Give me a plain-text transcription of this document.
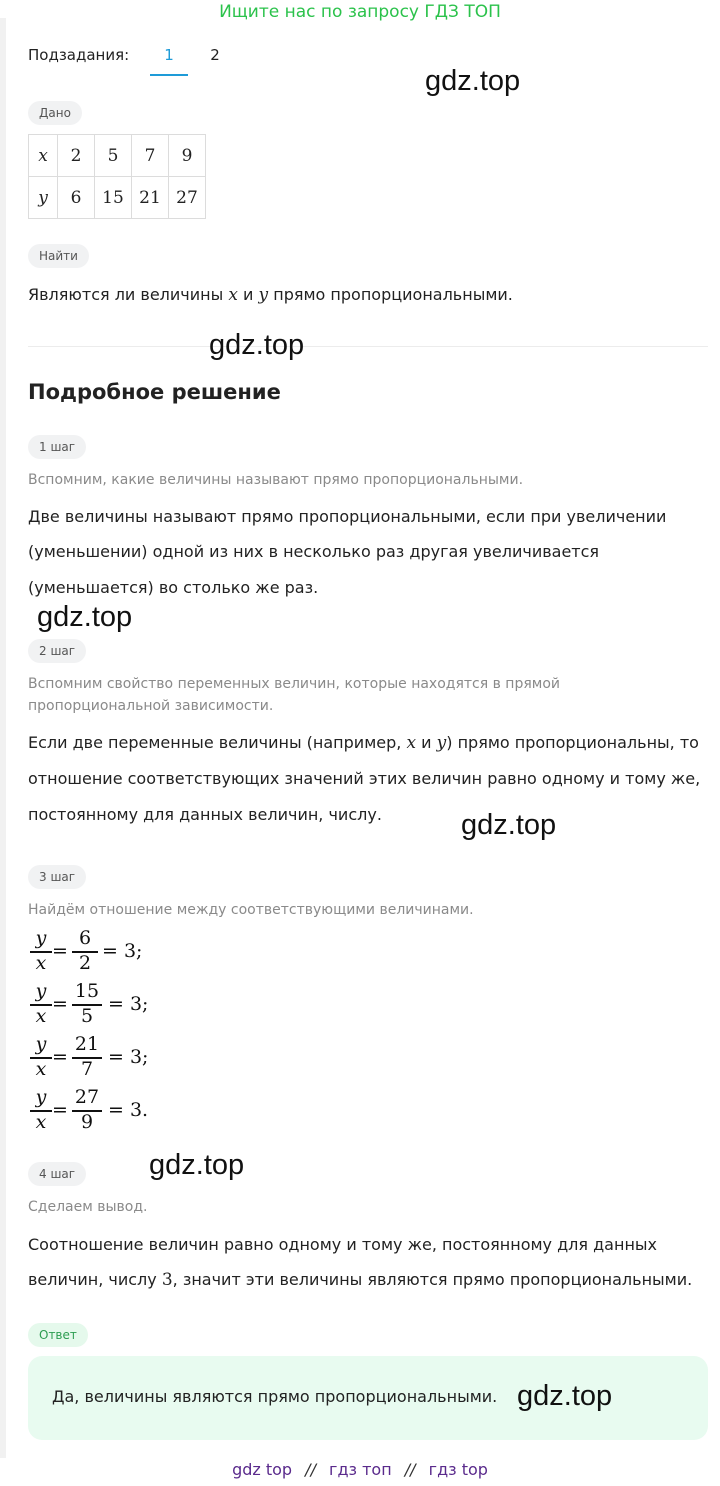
Ищите нас по запросу ГДЗ ТОП
Подзадания:	1	2
Дано
x	2	5	7	9
y	6	15	21	27
Найти
Являются ли величины x и y прямо пропорциональными.
Подробное решение
1 шаг
Вспомним, какие величины называют прямо пропорциональными.
Две величины называют прямо пропорциональными, если при увеличении
(уменьшении) одной из них в несколько раз другая увеличивается
(уменьшается) во столько же раз.
2 шаг
Вспомним свойство переменных величин, которые находятся в прямой
пропорциональной зависимости.
Если две переменные величины (например, x и y) прямо пропорциональны, то
отношение соответствующих значений этих величин равно одному и тому же,
постоянному для данных величин, числу.
3 шаг
Найдём отношение между соответствующими величинами.
y
x
=
6
2
= 3;
y
x
=
15
5
= 3;
y
x
=
21
7
= 3;
y
x
=
27
9
= 3.
4 шаг
Сделаем вывод.
Соотношение величин равно одному и тому же, постоянному для данных
величин, числу 3, значит эти величины являются прямо пропорциональными.
Ответ
Да, величины являются прямо пропорциональными.
gdz.top
gdz.top
gdz.top
gdz.top
gdz.top
gdz.top
gdz top // гдз топ // гдз top
